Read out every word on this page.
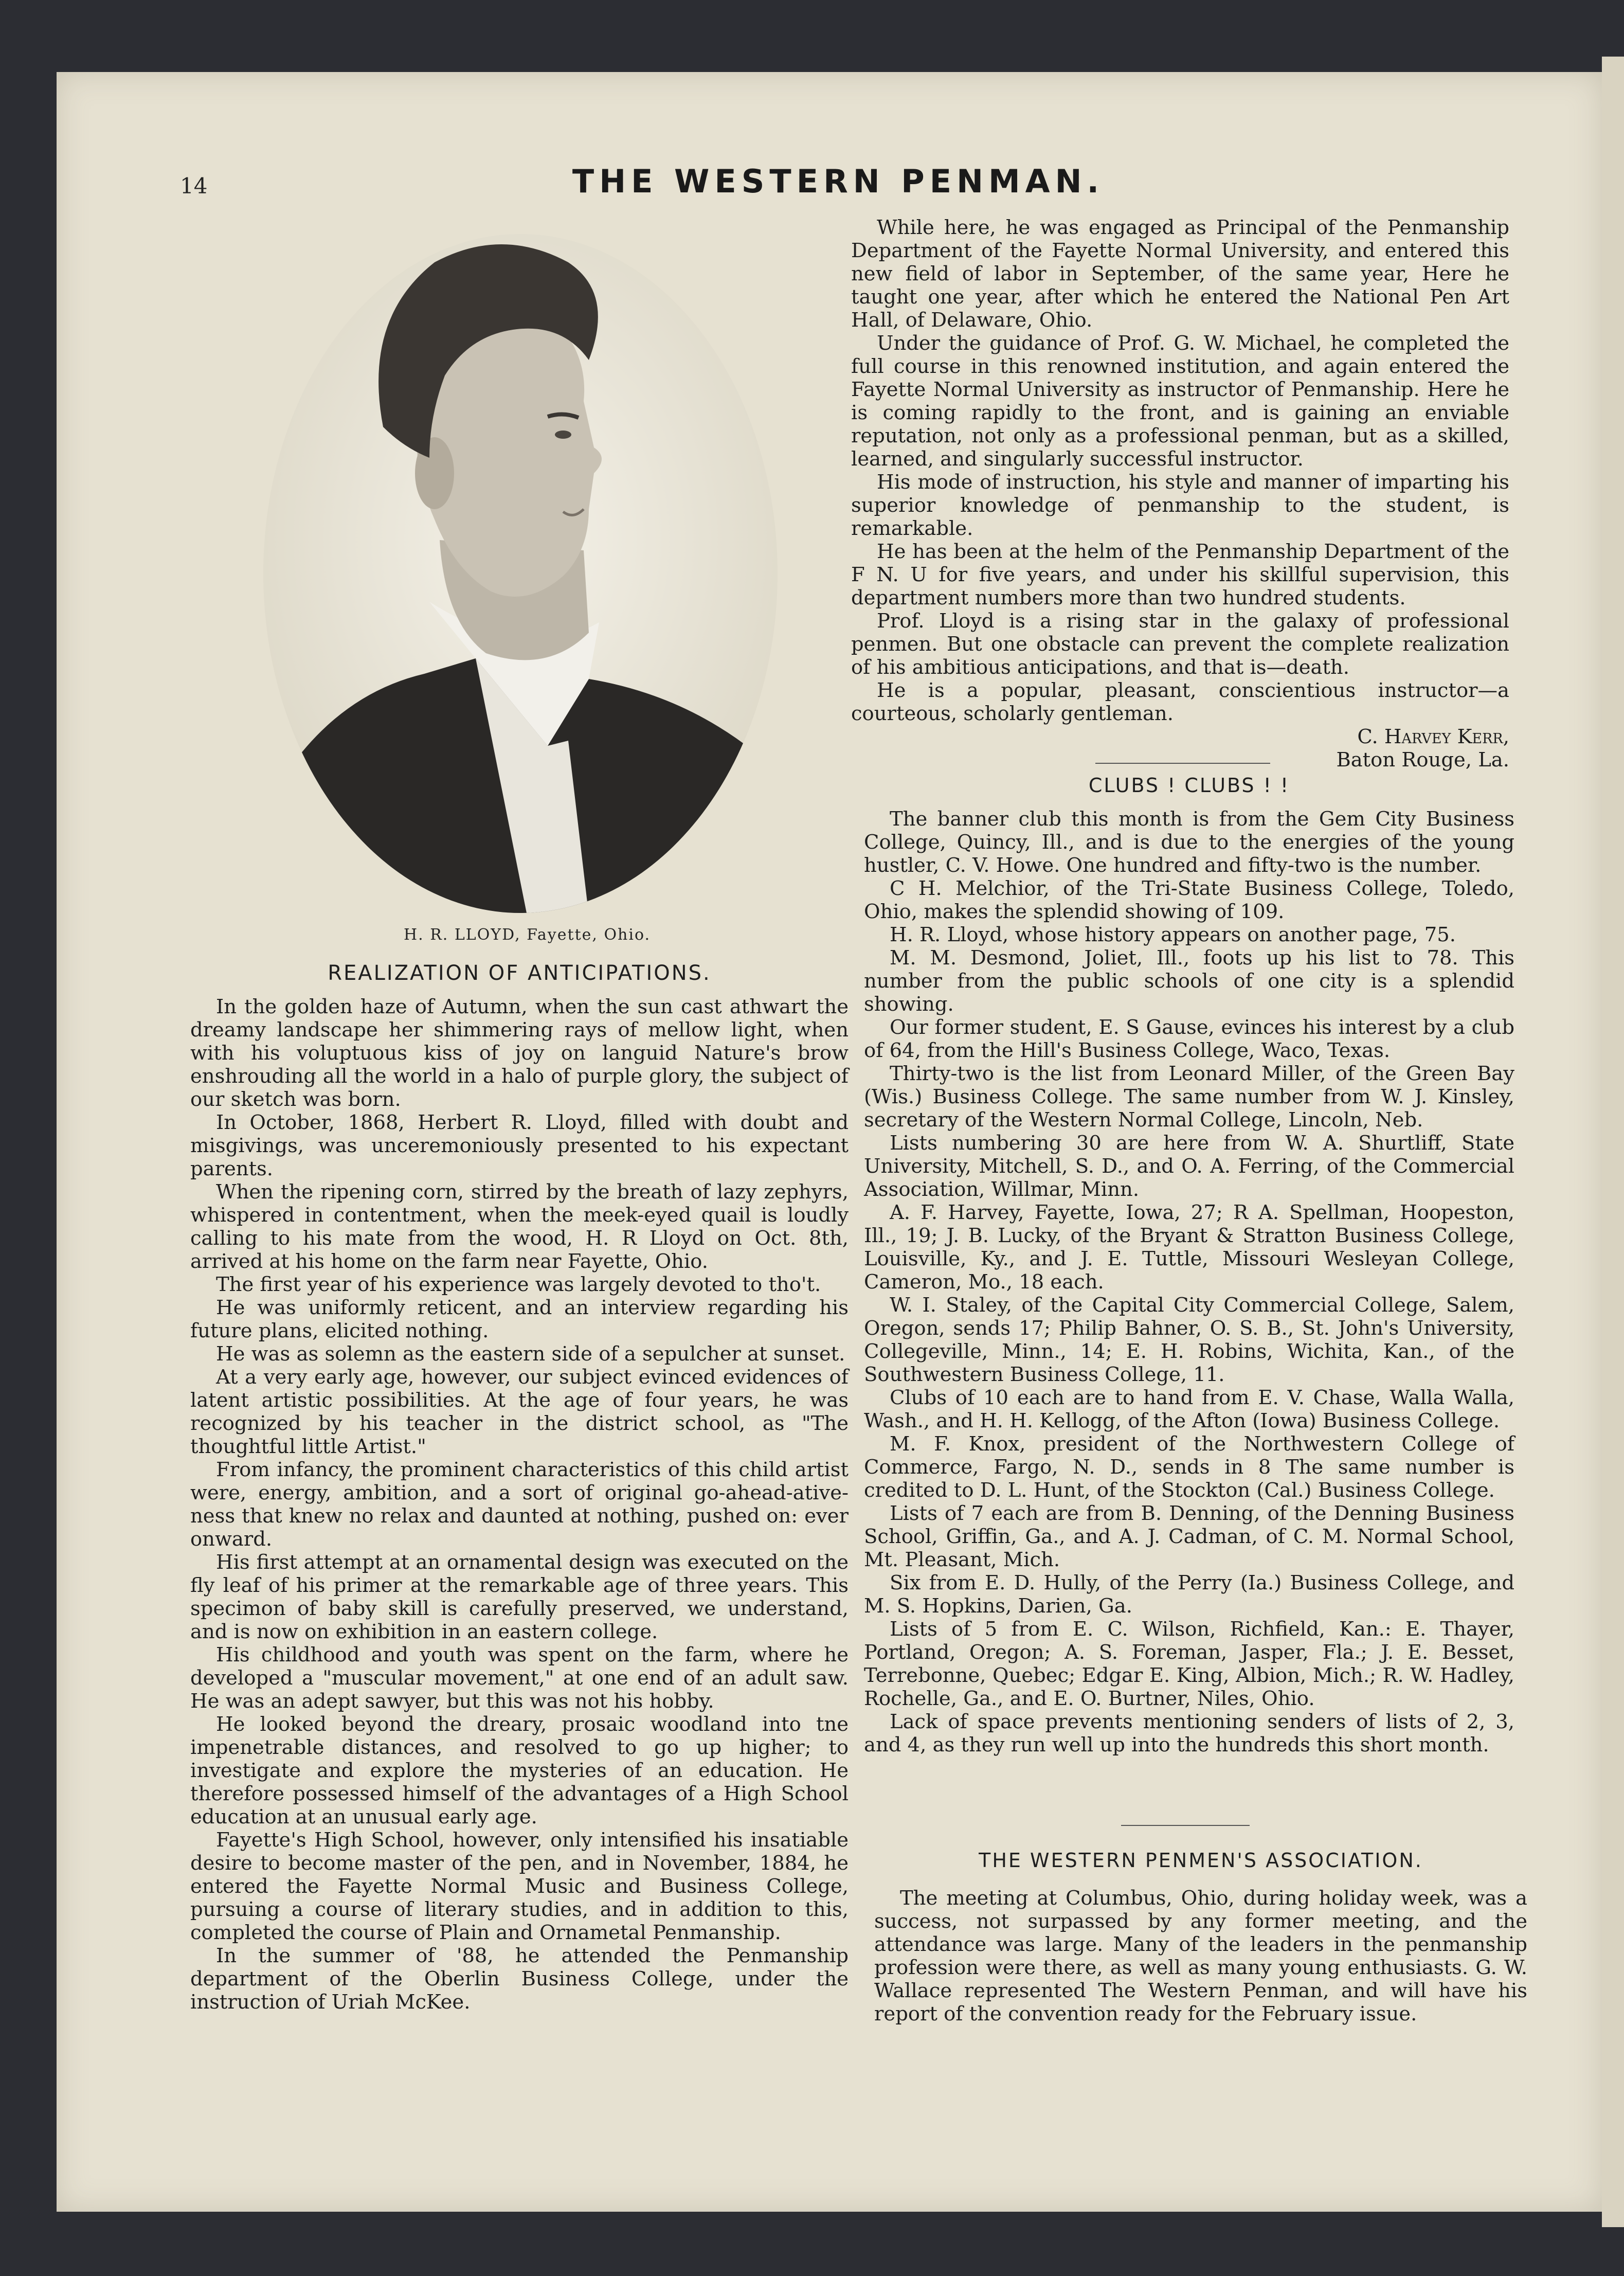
14	THE WESTERN PENMAN.
H. R. LLOYD, Fayette, Ohio.

REALIZATION OF ANTICIPATIONS.

In the golden haze of Autumn, when the sun cast athwart the dreamy landscape her shimmering rays of mellow light, when with his voluptuous kiss of joy on languid Nature's brow enshrouding all the world in a halo of purple glory, the subject of our sketch was born.

In October, 1868, Herbert R. Lloyd, filled with doubt and misgivings, was unceremoniously presented to his expectant parents.

When the ripening corn, stirred by the breath of lazy zephyrs, whispered in contentment, when the meek-eyed quail is loudly calling to his mate from the wood, H. R Lloyd on Oct. 8th, arrived at his home on the farm near Fayette, Ohio.

The first year of his experience was largely devoted to tho't.

He was uniformly reticent, and an interview regarding his future plans, elicited nothing.

He was as solemn as the eastern side of a sepulcher at sunset.

At a very early age, however, our subject evinced evidences of latent artistic possibilities. At the age of four years, he was recognized by his teacher in the district school, as "The thoughtful little Artist."

From infancy, the prominent characteristics of this child artist were, energy, ambition, and a sort of original go-ahead-ative-ness that knew no relax and daunted at nothing, pushed on: ever onward.

His first attempt at an ornamental design was executed on the fly leaf of his primer at the remarkable age of three years. This specimon of baby skill is carefully preserved, we understand, and is now on exhibition in an eastern college.

His childhood and youth was spent on the farm, where he developed a "muscular movement," at one end of an adult saw. He was an adept sawyer, but this was not his hobby.

He looked beyond the dreary, prosaic woodland into tne impenetrable distances, and resolved to go up higher; to investigate and explore the mysteries of an education. He therefore possessed himself of the advantages of a High School education at an unusual early age.

Fayette's High School, however, only intensified his insatiable desire to become master of the pen, and in November, 1884, he entered the Fayette Normal Music and Business College, pursuing a course of literary studies, and in addition to this, completed the course of Plain and Ornametal Penmanship.

In the summer of '88, he attended the Penmanship department of the Oberlin Business College, under the instruction of Uriah McKee.

While here, he was engaged as Principal of the Penmanship Department of the Fayette Normal University, and entered this new field of labor in September, of the same year, Here he taught one year, after which he entered the National Pen Art Hall, of Delaware, Ohio.

Under the guidance of Prof. G. W. Michael, he completed the full course in this renowned institution, and again entered the Fayette Normal University as instructor of Penmanship. Here he is coming rapidly to the front, and is gaining an enviable reputation, not only as a professional penman, but as a skilled, learned, and singularly successful instructor.

His mode of instruction, his style and manner of imparting his superior knowledge of penmanship to the student, is remarkable.

He has been at the helm of the Penmanship Department of the F N. U for five years, and under his skillful supervision, this department numbers more than two hundred students.

Prof. Lloyd is a rising star in the galaxy of professional penmen. But one obstacle can prevent the complete realization of his ambitious anticipations, and that is—death.

He is a popular, pleasant, conscientious instructor—a courteous, scholarly gentleman.

C. Harvey Kerr,

Baton Rouge, La.

CLUBS ! CLUBS ! !

The banner club this month is from the Gem City Business College, Quincy, Ill., and is due to the energies of the young hustler, C. V. Howe. One hundred and fifty-two is the number.

C H. Melchior, of the Tri-State Business College, Toledo, Ohio, makes the splendid showing of 109.

H. R. Lloyd, whose history appears on another page, 75.

M. M. Desmond, Joliet, Ill., foots up his list to 78. This number from the public schools of one city is a splendid showing.

Our former student, E. S Gause, evinces his interest by a club of 64, from the Hill's Business College, Waco, Texas.

Thirty-two is the list from Leonard Miller, of the Green Bay (Wis.) Business College. The same number from W. J. Kinsley, secretary of the Western Normal College, Lincoln, Neb.

Lists numbering 30 are here from W. A. Shurtliff, State University, Mitchell, S. D., and O. A. Ferring, of the Commercial Association, Willmar, Minn.

A. F. Harvey, Fayette, Iowa, 27; R A. Spellman, Hoopeston, Ill., 19; J. B. Lucky, of the Bryant & Stratton Business College, Louisville, Ky., and J. E. Tuttle, Missouri Wesleyan College, Cameron, Mo., 18 each.

W. I. Staley, of the Capital City Commercial College, Salem, Oregon, sends 17; Philip Bahner, O. S. B., St. John's University, Collegeville, Minn., 14; E. H. Robins, Wichita, Kan., of the Southwestern Business College, 11.

Clubs of 10 each are to hand from E. V. Chase, Walla Walla, Wash., and H. H. Kellogg, of the Afton (Iowa) Business College.

M. F. Knox, president of the Northwestern College of Commerce, Fargo, N. D., sends in 8 The same number is credited to D. L. Hunt, of the Stockton (Cal.) Business College.

Lists of 7 each are from B. Denning, of the Denning Business School, Griffin, Ga., and A. J. Cadman, of C. M. Normal School, Mt. Pleasant, Mich.

Six from E. D. Hully, of the Perry (Ia.) Business College, and M. S. Hopkins, Darien, Ga.

Lists of 5 from E. C. Wilson, Richfield, Kan.: E. Thayer, Portland, Oregon; A. S. Foreman, Jasper, Fla.; J. E. Besset, Terrebonne, Quebec; Edgar E. King, Albion, Mich.; R. W. Hadley, Rochelle, Ga., and E. O. Burtner, Niles, Ohio.

Lack of space prevents mentioning senders of lists of 2, 3, and 4, as they run well up into the hundreds this short month.

THE WESTERN PENMEN'S ASSOCIATION.

The meeting at Columbus, Ohio, during holiday week, was a success, not surpassed by any former meeting, and the attendance was large. Many of the leaders in the penmanship profession were there, as well as many young enthusiasts. G. W. Wallace represented The Western Penman, and will have his report of the convention ready for the February issue.
